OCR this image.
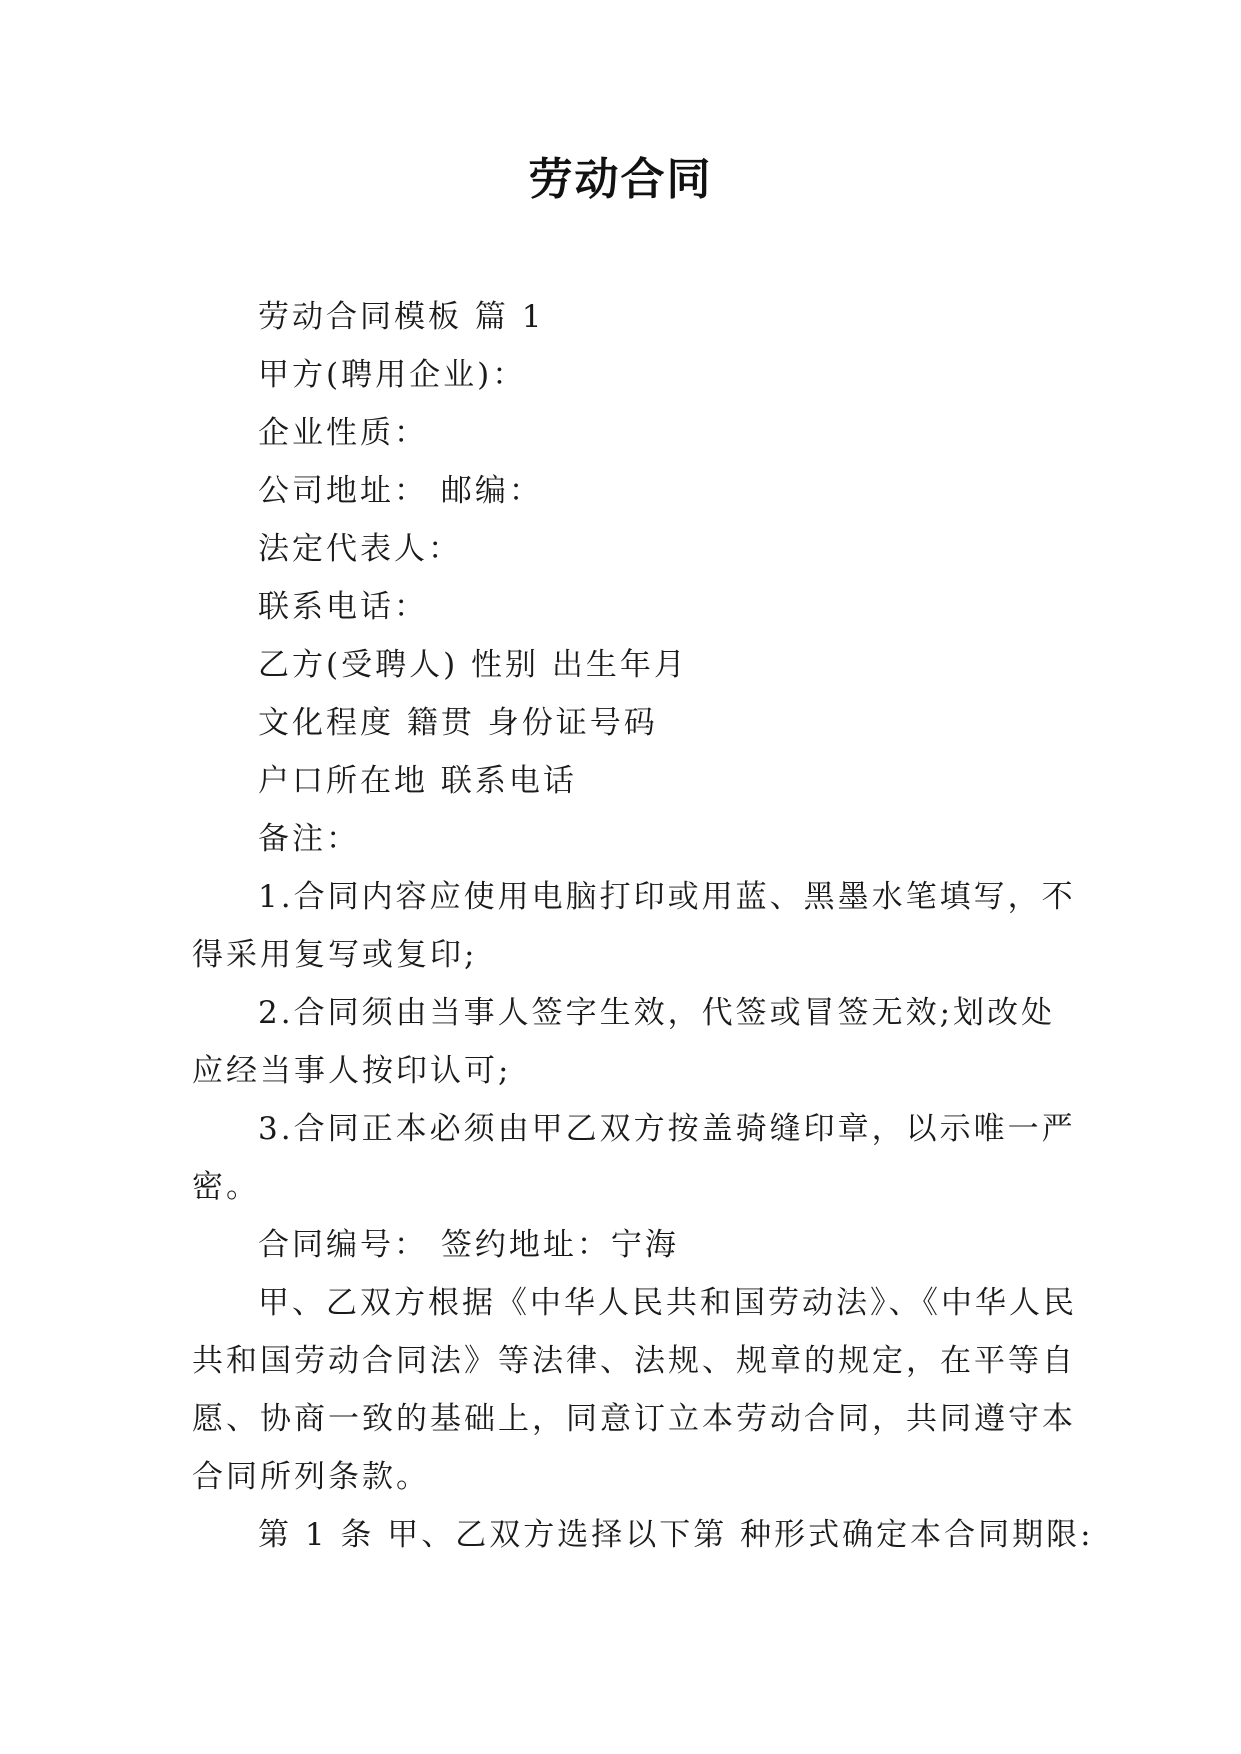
劳动合同
劳动合同模板 篇 1
甲方(聘用企业)：
企业性质：
公司地址： 邮编：
法定代表人：
联系电话：
乙方(受聘人) 性别 出生年月
文化程度 籍贯 身份证号码
户口所在地 联系电话
备注：
1.合同内容应使用电脑打印或用蓝、黑墨水笔填写，不
得采用复写或复印;
2.合同须由当事人签字生效，代签或冒签无效;划改处
应经当事人按印认可;
3.合同正本必须由甲乙双方按盖骑缝印章，以示唯一严
密。
合同编号： 签约地址：宁海
甲、乙双方根据《中华人民共和国劳动法》、《中华人民
共和国劳动合同法》等法律、法规、规章的规定，在平等自
愿、协商一致的基础上，同意订立本劳动合同，共同遵守本
合同所列条款。
第 1 条 甲、乙双方选择以下第 种形式确定本合同期限:
